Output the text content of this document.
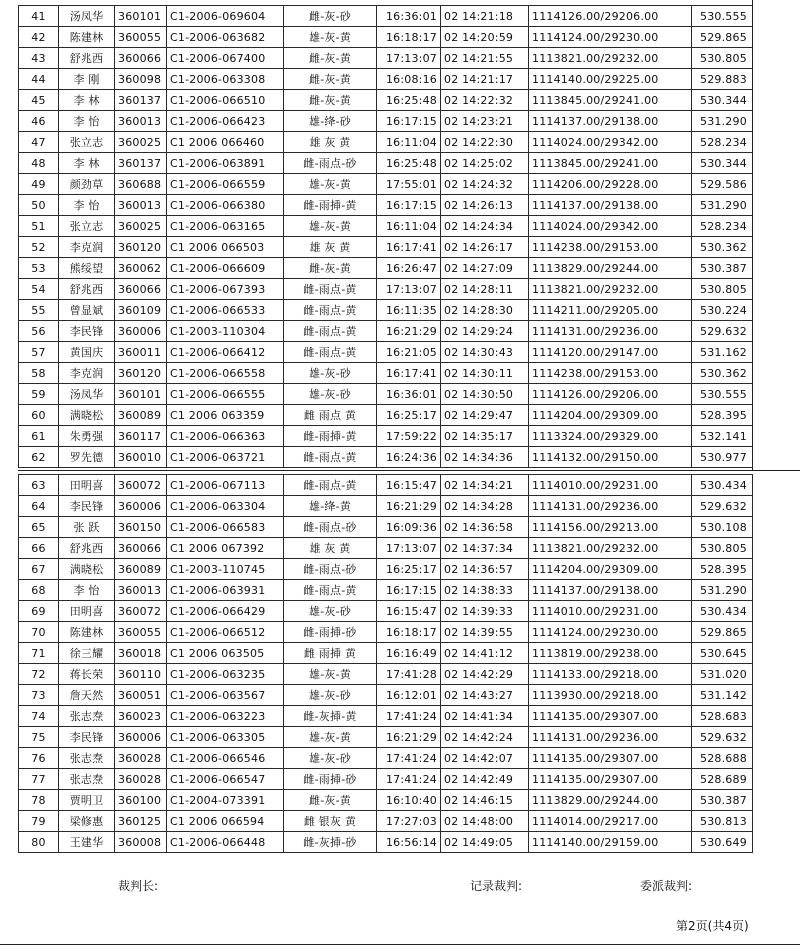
41	汤凤华	360101	C1-2006-069604	雌-灰-砂	16:36:01	02 14:21:18	1114126.00/29206.00	530.555
42	陈建林	360055	C1-2006-063682	雄-灰-黄	16:18:17	02 14:20:59	1114124.00/29230.00	529.865
43	舒兆西	360066	C1-2006-067400	雌-灰-黄	17:13:07	02 14:21:55	1113821.00/29232.00	530.805
44	李 刚	360098	C1-2006-063308	雌-灰-黄	16:08:16	02 14:21:17	1114140.00/29225.00	529.883
45	李 林	360137	C1-2006-066510	雌-灰-黄	16:25:48	02 14:22:32	1113845.00/29241.00	530.344
46	李 怡	360013	C1-2006-066423	雄-绛-砂	16:17:15	02 14:23:21	1114137.00/29138.00	531.290
47	张立志	360025	C1 2006 066460	雄 灰 黄	16:11:04	02 14:22:30	1114024.00/29342.00	528.234
48	李 林	360137	C1-2006-063891	雌-雨点-砂	16:25:48	02 14:25:02	1113845.00/29241.00	530.344
49	颜劲草	360688	C1-2006-066559	雄-灰-黄	17:55:01	02 14:24:32	1114206.00/29228.00	529.586
50	李 怡	360013	C1-2006-066380	雌-雨揷-黄	16:17:15	02 14:26:13	1114137.00/29138.00	531.290
51	张立志	360025	C1-2006-063165	雄-灰-黄	16:11:04	02 14:24:34	1114024.00/29342.00	528.234
52	李克润	360120	C1 2006 066503	雄 灰 黄	16:17:41	02 14:26:17	1114238.00/29153.00	530.362
53	熊绥望	360062	C1-2006-066609	雌-灰-黄	16:26:47	02 14:27:09	1113829.00/29244.00	530.387
54	舒兆西	360066	C1-2006-067393	雌-雨点-黄	17:13:07	02 14:28:11	1113821.00/29232.00	530.805
55	曾显斌	360109	C1-2006-066533	雌-雨点-黄	16:11:35	02 14:28:30	1114211.00/29205.00	530.224
56	李民锋	360006	C1-2003-110304	雌-雨点-黄	16:21:29	02 14:29:24	1114131.00/29236.00	529.632
57	黄国庆	360011	C1-2006-066412	雌-雨点-黄	16:21:05	02 14:30:43	1114120.00/29147.00	531.162
58	李克润	360120	C1-2006-066558	雄-灰-砂	16:17:41	02 14:30:11	1114238.00/29153.00	530.362
59	汤凤华	360101	C1-2006-066555	雄-灰-砂	16:36:01	02 14:30:50	1114126.00/29206.00	530.555
60	满晓松	360089	C1 2006 063359	雌 雨点 黄	16:25:17	02 14:29:47	1114204.00/29309.00	528.395
61	朱勇强	360117	C1-2006-066363	雌-雨揷-黄	17:59:22	02 14:35:17	1113324.00/29329.00	532.141
62	罗先德	360010	C1-2006-063721	雌-雨点-黄	16:24:36	02 14:34:36	1114132.00/29150.00	530.977
63	田明喜	360072	C1-2006-067113	雌-雨点-黄	16:15:47	02 14:34:21	1114010.00/29231.00	530.434
64	李民锋	360006	C1-2006-063304	雄-绛-黄	16:21:29	02 14:34:28	1114131.00/29236.00	529.632
65	张 跃	360150	C1-2006-066583	雌-雨点-砂	16:09:36	02 14:36:58	1114156.00/29213.00	530.108
66	舒兆西	360066	C1 2006 067392	雄 灰 黄	17:13:07	02 14:37:34	1113821.00/29232.00	530.805
67	满晓松	360089	C1-2003-110745	雌-雨点-砂	16:25:17	02 14:36:57	1114204.00/29309.00	528.395
68	李 怡	360013	C1-2006-063931	雌-雨点-黄	16:17:15	02 14:38:33	1114137.00/29138.00	531.290
69	田明喜	360072	C1-2006-066429	雄-灰-砂	16:15:47	02 14:39:33	1114010.00/29231.00	530.434
70	陈建林	360055	C1-2006-066512	雌-雨揷-砂	16:18:17	02 14:39:55	1114124.00/29230.00	529.865
71	徐三耀	360018	C1 2006 063505	雌 雨揷 黄	16:16:49	02 14:41:12	1113819.00/29238.00	530.645
72	蒋长荣	360110	C1-2006-063235	雄-灰-黄	17:41:28	02 14:42:29	1114133.00/29218.00	531.020
73	詹天然	360051	C1-2006-063567	雄-灰-砂	16:12:01	02 14:43:27	1113930.00/29218.00	531.142
74	张志焘	360023	C1-2006-063223	雌-灰揷-黄	17:41:24	02 14:41:34	1114135.00/29307.00	528.683
75	李民锋	360006	C1-2006-063305	雄-灰-黄	16:21:29	02 14:42:24	1114131.00/29236.00	529.632
76	张志焘	360028	C1-2006-066546	雄-灰-砂	17:41:24	02 14:42:07	1114135.00/29307.00	528.688
77	张志焘	360028	C1-2006-066547	雌-雨揷-砂	17:41:24	02 14:42:49	1114135.00/29307.00	528.689
78	贾明卫	360100	C1-2004-073391	雌-灰-黄	16:10:40	02 14:46:15	1113829.00/29244.00	530.387
79	梁修惠	360125	C1 2006 066594	雌 银灰 黄	17:27:03	02 14:48:00	1114014.00/29217.00	530.813
80	王建华	360008	C1-2006-066448	雌-灰揷-砂	16:56:14	02 14:49:05	1114140.00/29159.00	530.649
裁判长:	记录裁判:	委派裁判:
第2页(共4页)
